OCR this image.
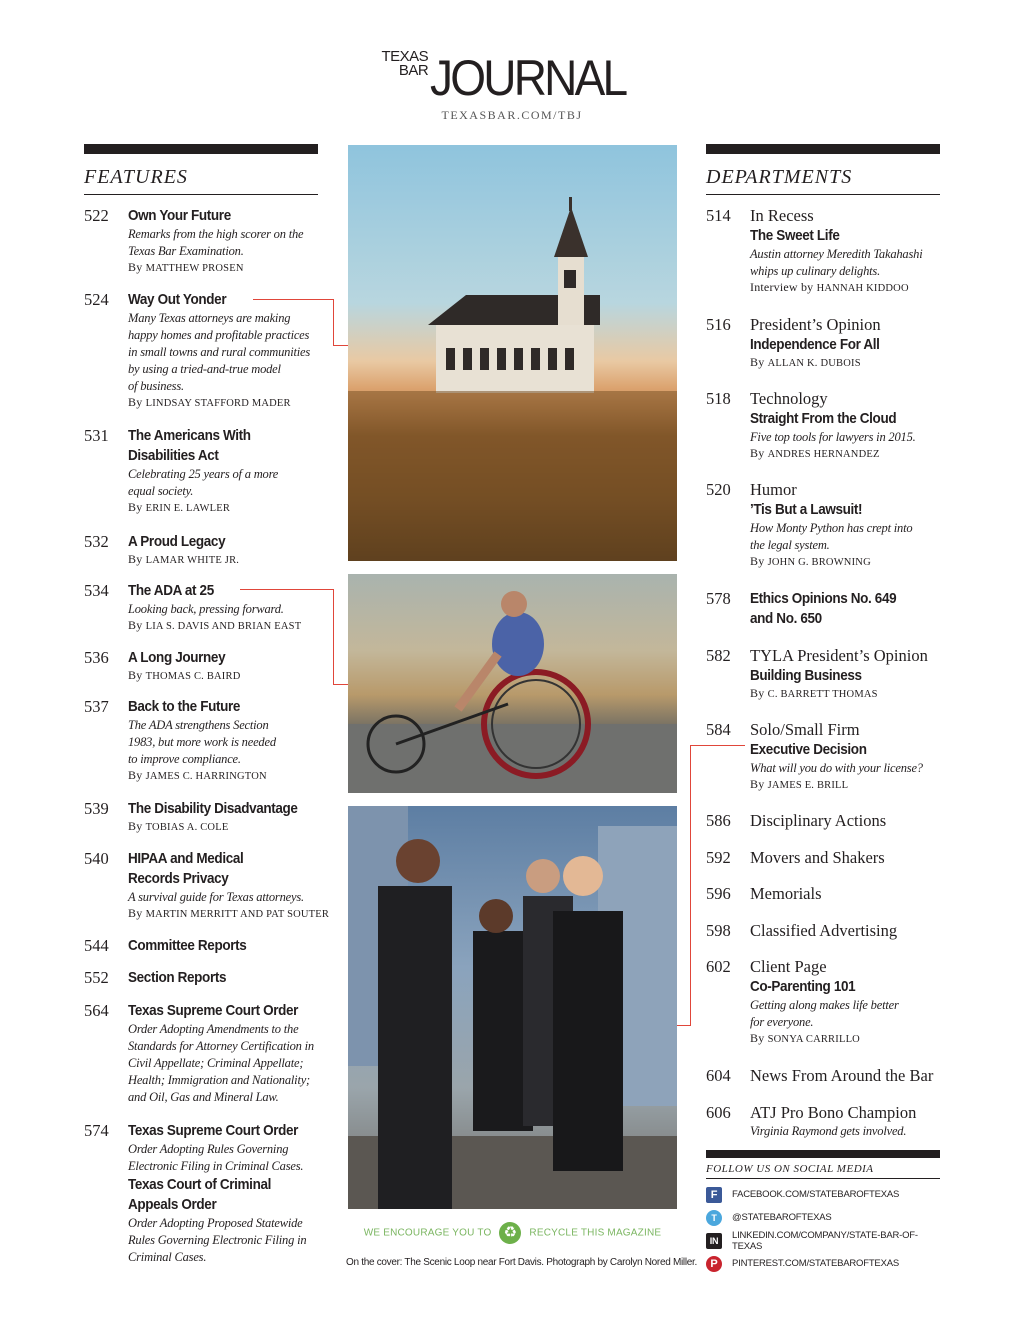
TEXAS
BAR JOURNAL
TEXASBAR.COM/TBJ
FEATURES	DEPARTMENTS
522 Own Your Future
Remarks from the high scorer on the
Texas Bar Examination.
By MATTHEW PROSEN
524 Way Out Yonder
Many Texas attorneys are making
happy homes and profitable practices
in small towns and rural communities
by using a tried-and-true model
of business.
By LINDSAY STAFFORD MADER
531 The Americans With
Disabilities Act
Celebrating 25 years of a more
equal society.
By ERIN E. LAWLER
532 A Proud Legacy
By LAMAR WHITE JR.
534 The ADA at 25
Looking back, pressing forward.
By LIA S. DAVIS AND BRIAN EAST
536 A Long Journey
By THOMAS C. BAIRD
537 Back to the Future
The ADA strengthens Section
1983, but more work is needed
to improve compliance.
By JAMES C. HARRINGTON
539 The Disability Disadvantage
By TOBIAS A. COLE
540 HIPAA and Medical
Records Privacy
A survival guide for Texas attorneys.
By MARTIN MERRITT AND PAT SOUTER
544 Committee Reports
552 Section Reports
564 Texas Supreme Court Order
Order Adopting Amendments to the
Standards for Attorney Certification in
Civil Appellate; Criminal Appellate;
Health; Immigration and Nationality;
and Oil, Gas and Mineral Law.
574 Texas Supreme Court Order
Order Adopting Rules Governing
Electronic Filing in Criminal Cases.
Texas Court of Criminal
Appeals Order
Order Adopting Proposed Statewide
Rules Governing Electronic Filing in
Criminal Cases.
WE ENCOURAGE YOU TO ♻ RECYCLE THIS MAGAZINE
On the cover: The Scenic Loop near Fort Davis. Photograph by Carolyn Nored Miller.
514 In Recess
The Sweet Life
Austin attorney Meredith Takahashi
whips up culinary delights.
Interview by HANNAH KIDDOO
516 President’s Opinion
Independence For All
By ALLAN K. DUBOIS
518 Technology
Straight From the Cloud
Five top tools for lawyers in 2015.
By ANDRES HERNANDEZ
520 Humor
’Tis But a Lawsuit!
How Monty Python has crept into
the legal system.
By JOHN G. BROWNING
578 Ethics Opinions No. 649
and No. 650
582 TYLA President’s Opinion
Building Business
By C. BARRETT THOMAS
584 Solo/Small Firm
Executive Decision
What will you do with your license?
By JAMES E. BRILL
586 Disciplinary Actions
592 Movers and Shakers
596 Memorials
598 Classified Advertising
602 Client Page
Co-Parenting 101
Getting along makes life better
for everyone.
By SONYA CARRILLO
604 News From Around the Bar
606 ATJ Pro Bono Champion
Virginia Raymond gets involved.
FOLLOW US ON SOCIAL MEDIA
F	FACEBOOK.COM/STATEBAROFTEXAS
T	@STATEBAROFTEXAS
IN	LINKEDIN.COM/COMPANY/STATE-BAR-OF-TEXAS
P	PINTEREST.COM/STATEBAROFTEXAS
